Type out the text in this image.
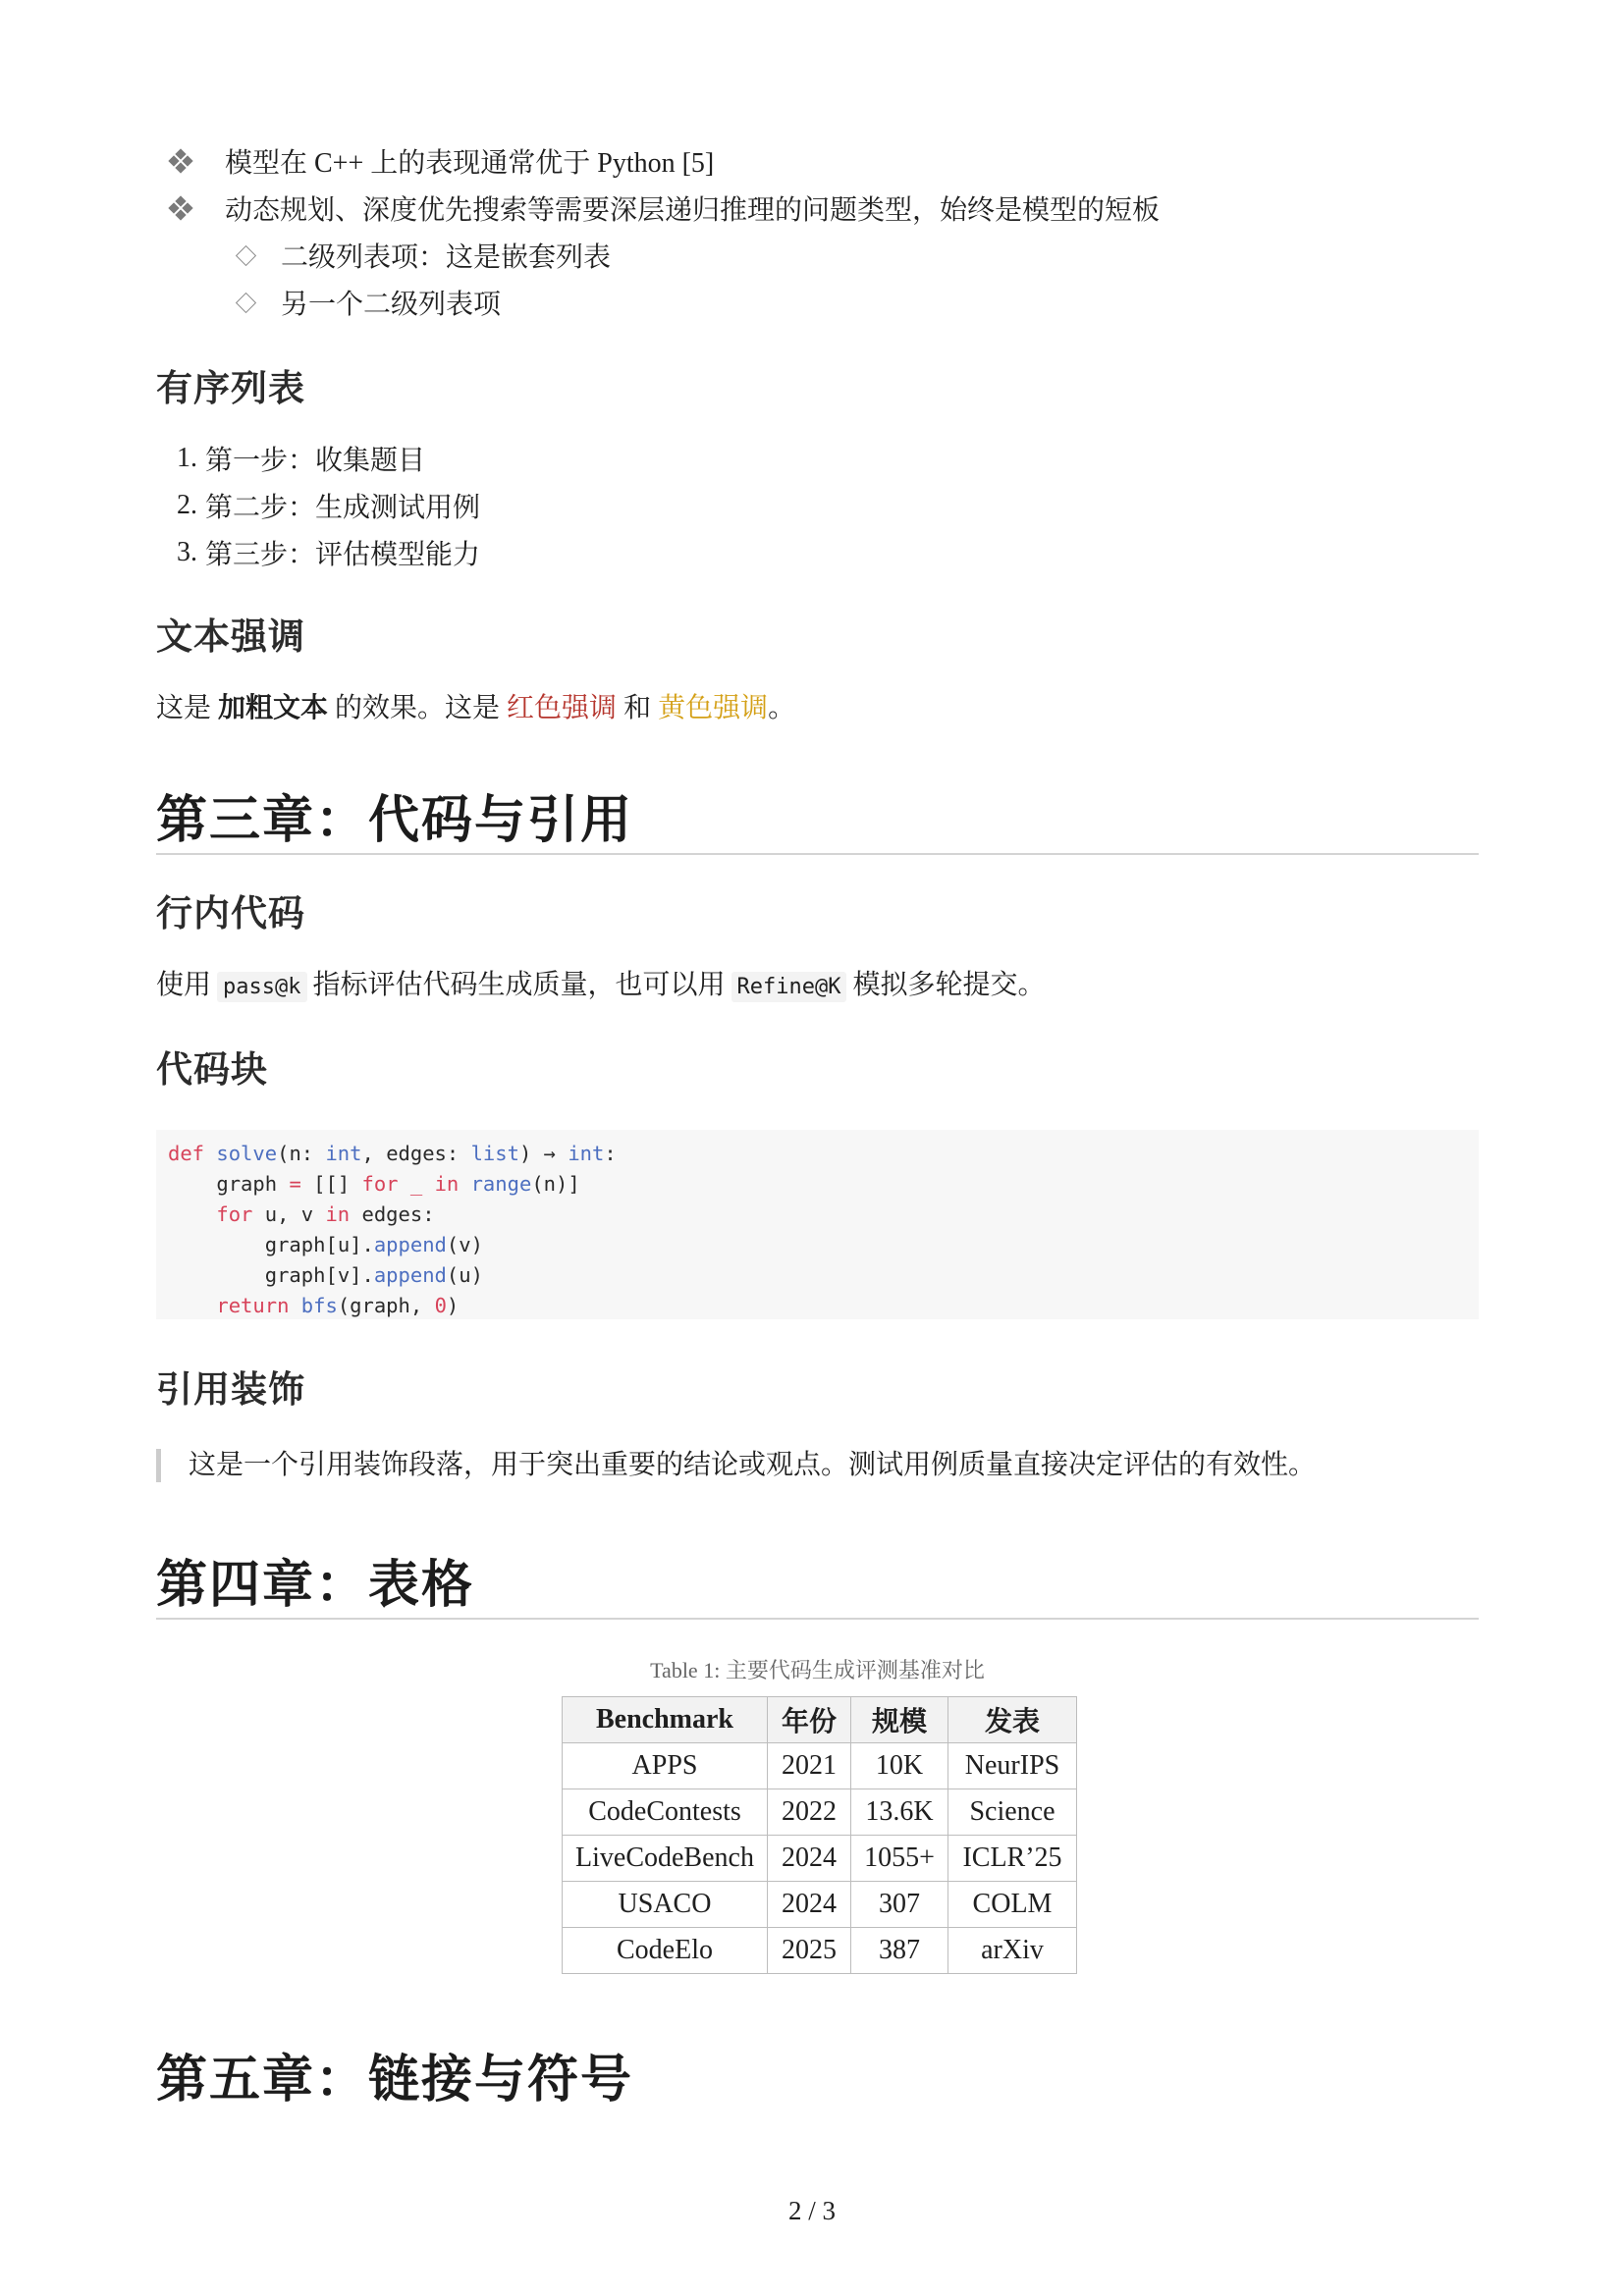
模型在 C++ 上的表现通常优于 Python [5]
动态规划、深度优先搜索等需要深层递归推理的问题类型，始终是模型的短板
二级列表项：这是嵌套列表
另一个二级列表项
有序列表
1. 第一步：收集题目
2. 第二步：生成测试用例
3. 第三步：评估模型能力
文本强调
这是 加粗文本 的效果。这是 红色强调 和 黄色强调。
第三章：代码与引用
行内代码
使用 pass@k 指标评估代码生成质量，也可以用 Refine@K 模拟多轮提交。
代码块
def solve(n: int, edges: list) → int:
graph = [[] for _ in range(n)]
for u, v in edges:
graph[u].append(v)
graph[v].append(u)
return bfs(graph, 0)
引用装饰
这是一个引用装饰段落，用于突出重要的结论或观点。测试用例质量直接决定评估的有效性。
第四章：表格
Table 1: 主要代码生成评测基准对比
Benchmark	年份	规模	发表
APPS	2021	10K	NeurIPS
CodeContests	2022	13.6K	Science
LiveCodeBench	2024	1055+	ICLR’25
USACO	2024	307	COLM
CodeElo	2025	387	arXiv
第五章：链接与符号
2 / 3
